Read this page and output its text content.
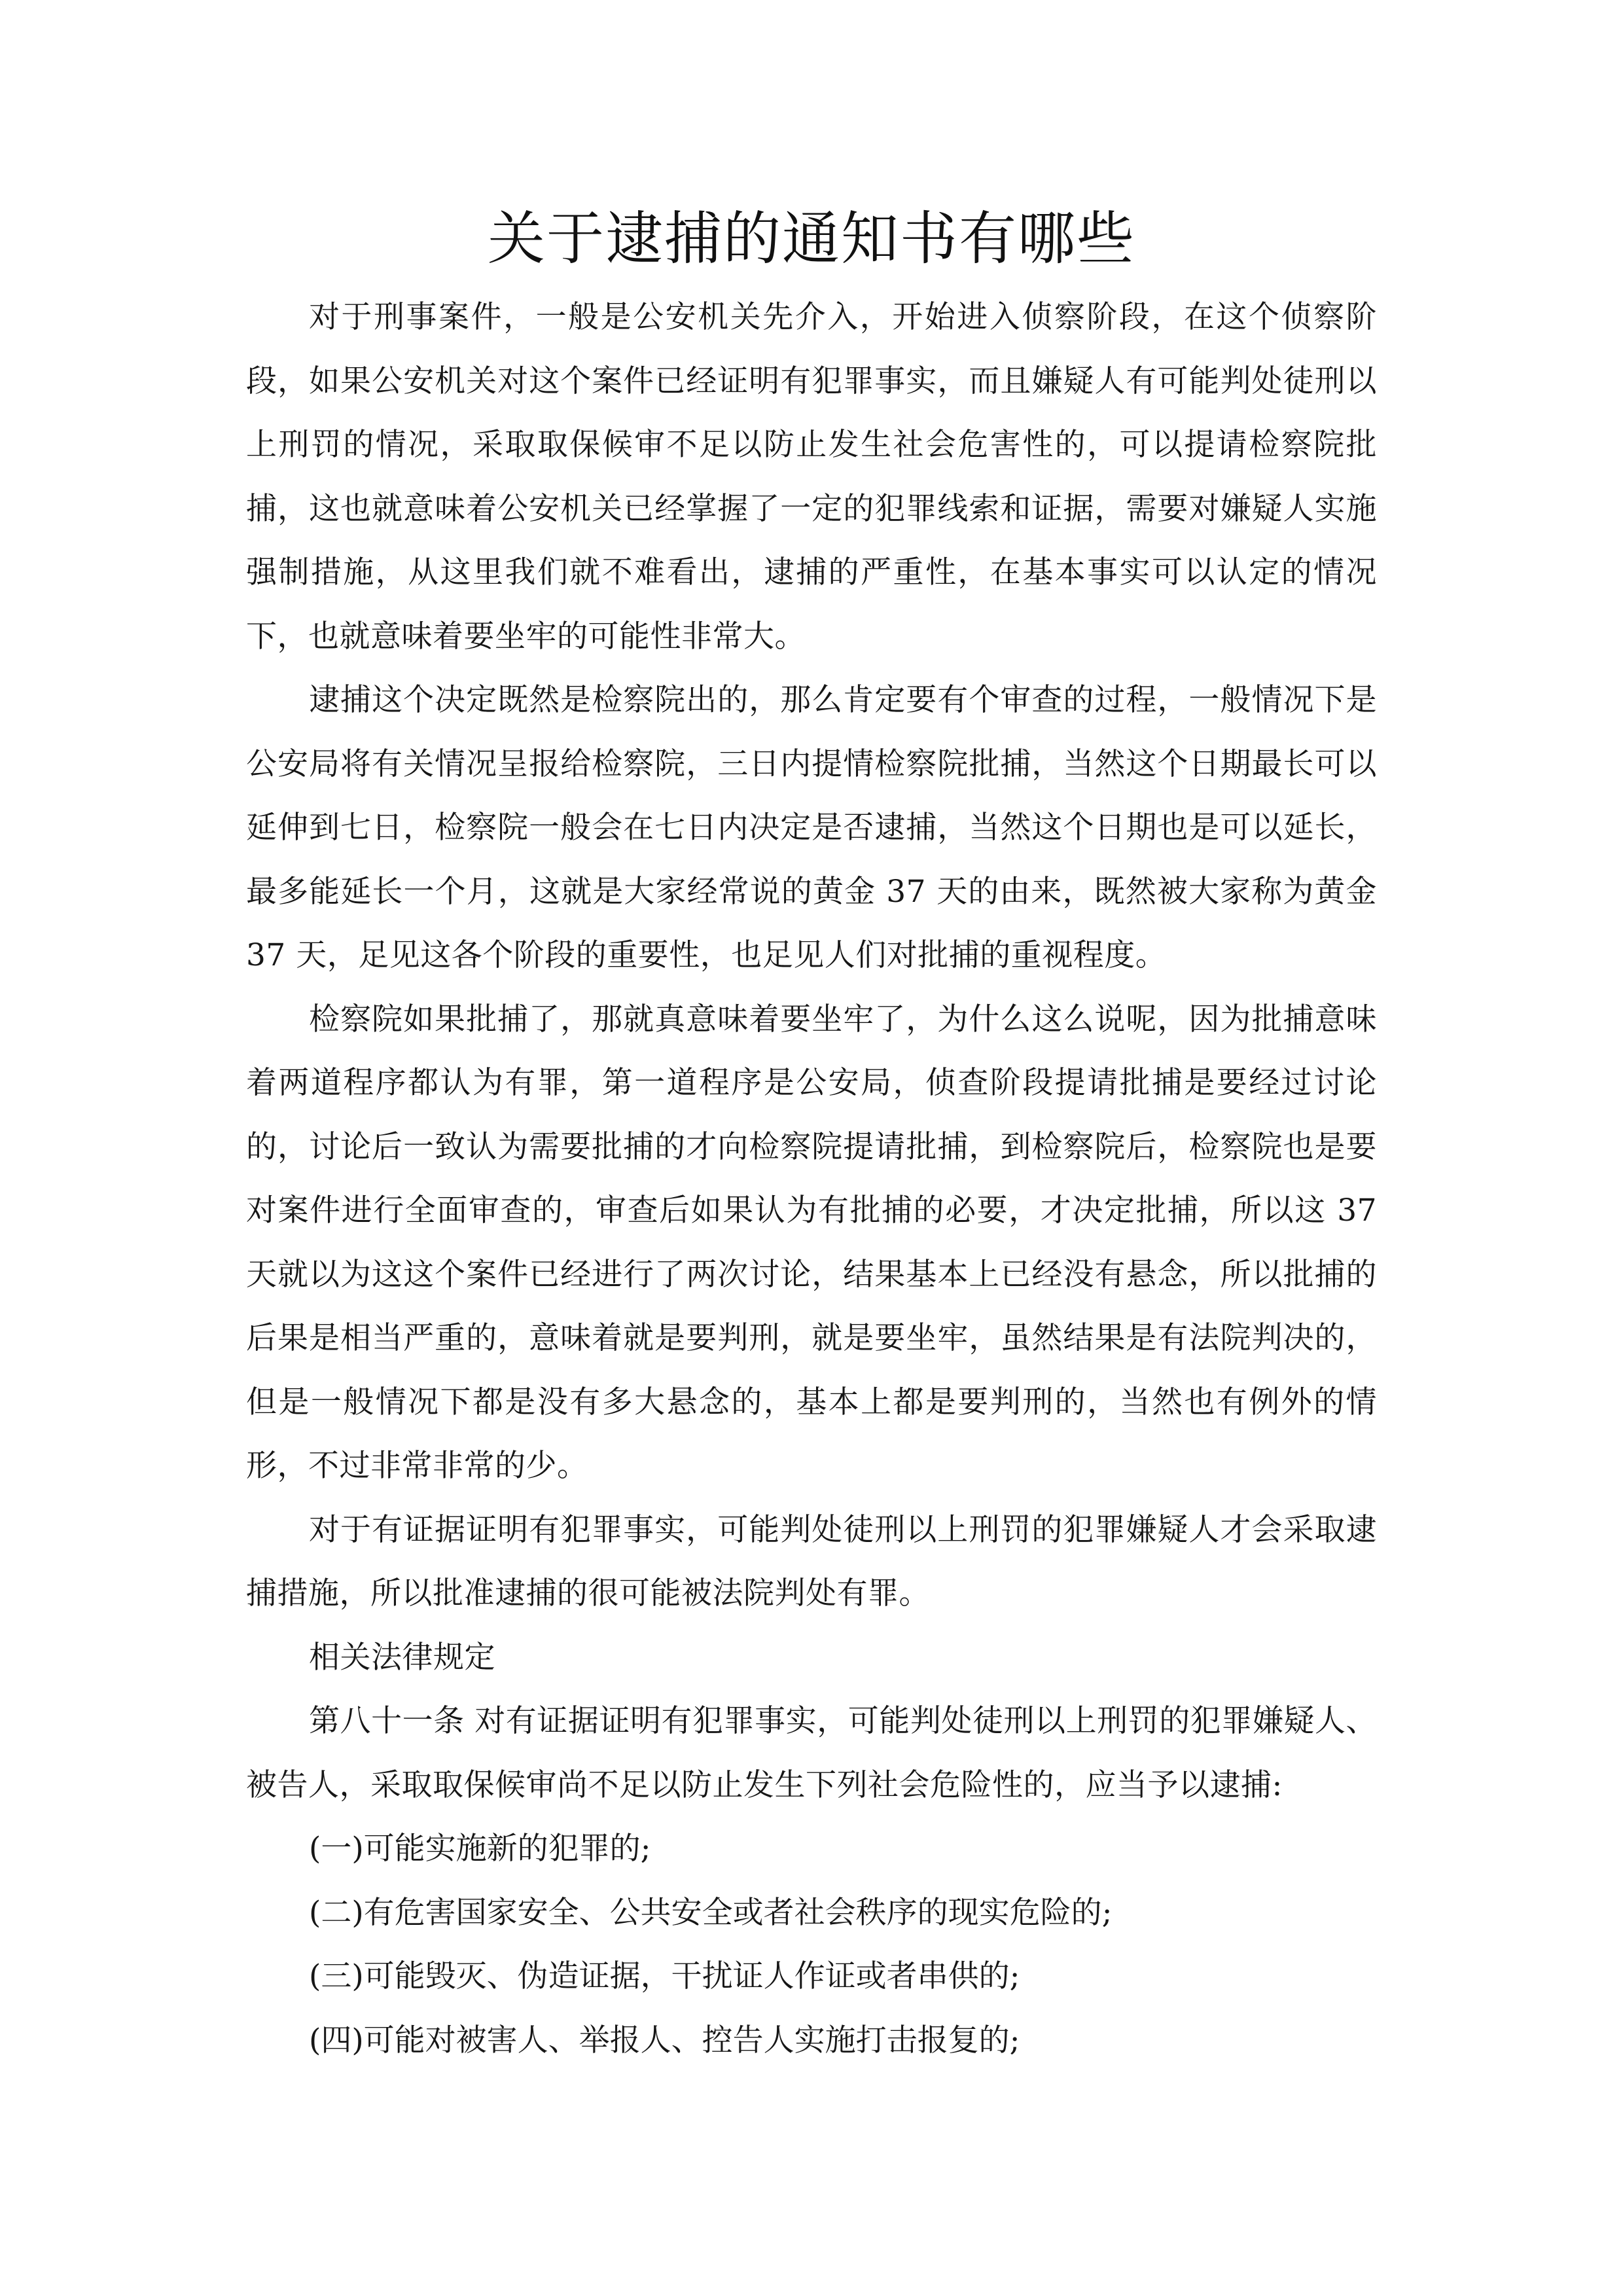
关于逮捕的通知书有哪些

对于刑事案件，一般是公安机关先介入，开始进入侦察阶段，在这个侦察阶段，如果公安机关对这个案件已经证明有犯罪事实，而且嫌疑人有可能判处徒刑以上刑罚的情况，采取取保候审不足以防止发生社会危害性的，可以提请检察院批捕，这也就意味着公安机关已经掌握了一定的犯罪线索和证据，需要对嫌疑人实施强制措施，从这里我们就不难看出，逮捕的严重性，在基本事实可以认定的情况下，也就意味着要坐牢的可能性非常大。

逮捕这个决定既然是检察院出的，那么肯定要有个审查的过程，一般情况下是公安局将有关情况呈报给检察院，三日内提情检察院批捕，当然这个日期最长可以延伸到七日，检察院一般会在七日内决定是否逮捕，当然这个日期也是可以延长，最多能延长一个月，这就是大家经常说的黄金 37 天的由来，既然被大家称为黄金 37 天，足见这各个阶段的重要性，也足见人们对批捕的重视程度。

检察院如果批捕了，那就真意味着要坐牢了，为什么这么说呢，因为批捕意味着两道程序都认为有罪，第一道程序是公安局，侦查阶段提请批捕是要经过讨论的，讨论后一致认为需要批捕的才向检察院提请批捕，到检察院后，检察院也是要对案件进行全面审查的，审查后如果认为有批捕的必要，才决定批捕，所以这 37 天就以为这这个案件已经进行了两次讨论，结果基本上已经没有悬念，所以批捕的后果是相当严重的，意味着就是要判刑，就是要坐牢，虽然结果是有法院判决的，但是一般情况下都是没有多大悬念的，基本上都是要判刑的，当然也有例外的情形，不过非常非常的少。

对于有证据证明有犯罪事实，可能判处徒刑以上刑罚的犯罪嫌疑人才会采取逮捕措施，所以批准逮捕的很可能被法院判处有罪。

相关法律规定

第八十一条 对有证据证明有犯罪事实，可能判处徒刑以上刑罚的犯罪嫌疑人、被告人，采取取保候审尚不足以防止发生下列社会危险性的，应当予以逮捕:

(一)可能实施新的犯罪的;

(二)有危害国家安全、公共安全或者社会秩序的现实危险的;

(三)可能毁灭、伪造证据，干扰证人作证或者串供的;

(四)可能对被害人、举报人、控告人实施打击报复的;
